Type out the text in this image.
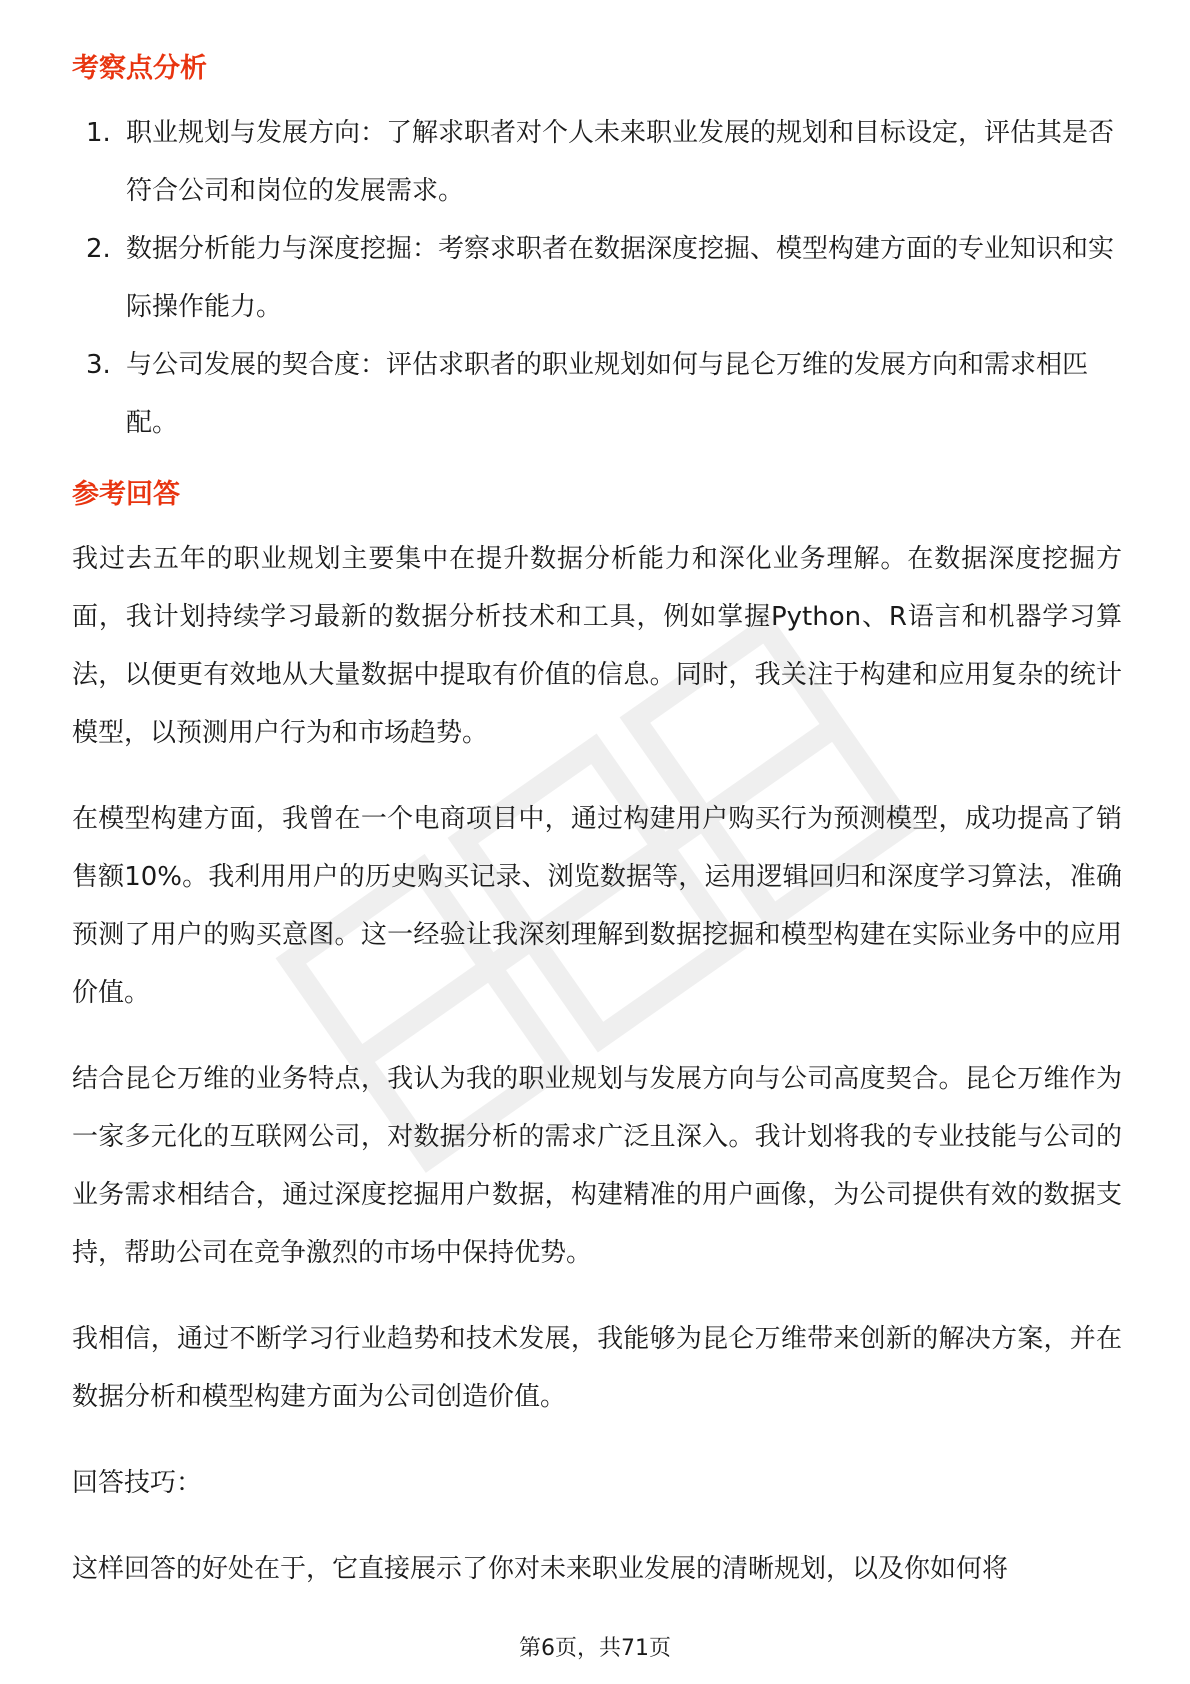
考察点分析
1. 职业规划与发展方向：了解求职者对个人未来职业发展的规划和目标设定，评估其是否符合公司和岗位的发展需求。
2. 数据分析能力与深度挖掘：考察求职者在数据深度挖掘、模型构建方面的专业知识和实际操作能力。
3. 与公司发展的契合度：评估求职者的职业规划如何与昆仑万维的发展方向和需求相匹配。
参考回答

我过去五年的职业规划主要集中在提升数据分析能力和深化业务理解。在数据深度挖掘方面，我计划持续学习最新的数据分析技术和工具，例如掌握Python、R语言和机器学习算法，以便更有效地从大量数据中提取有价值的信息。同时，我关注于构建和应用复杂的统计模型，以预测用户行为和市场趋势。

在模型构建方面，我曾在一个电商项目中，通过构建用户购买行为预测模型，成功提高了销售额10%。我利用用户的历史购买记录、浏览数据等，运用逻辑回归和深度学习算法，准确预测了用户的购买意图。这一经验让我深刻理解到数据挖掘和模型构建在实际业务中的应用价值。

结合昆仑万维的业务特点，我认为我的职业规划与发展方向与公司高度契合。昆仑万维作为一家多元化的互联网公司，对数据分析的需求广泛且深入。我计划将我的专业技能与公司的业务需求相结合，通过深度挖掘用户数据，构建精准的用户画像，为公司提供有效的数据支持，帮助公司在竞争激烈的市场中保持优势。

我相信，通过不断学习行业趋势和技术发展，我能够为昆仑万维带来创新的解决方案，并在数据分析和模型构建方面为公司创造价值。

回答技巧：

这样回答的好处在于，它直接展示了你对未来职业发展的清晰规划，以及你如何将

第6页，共71页
